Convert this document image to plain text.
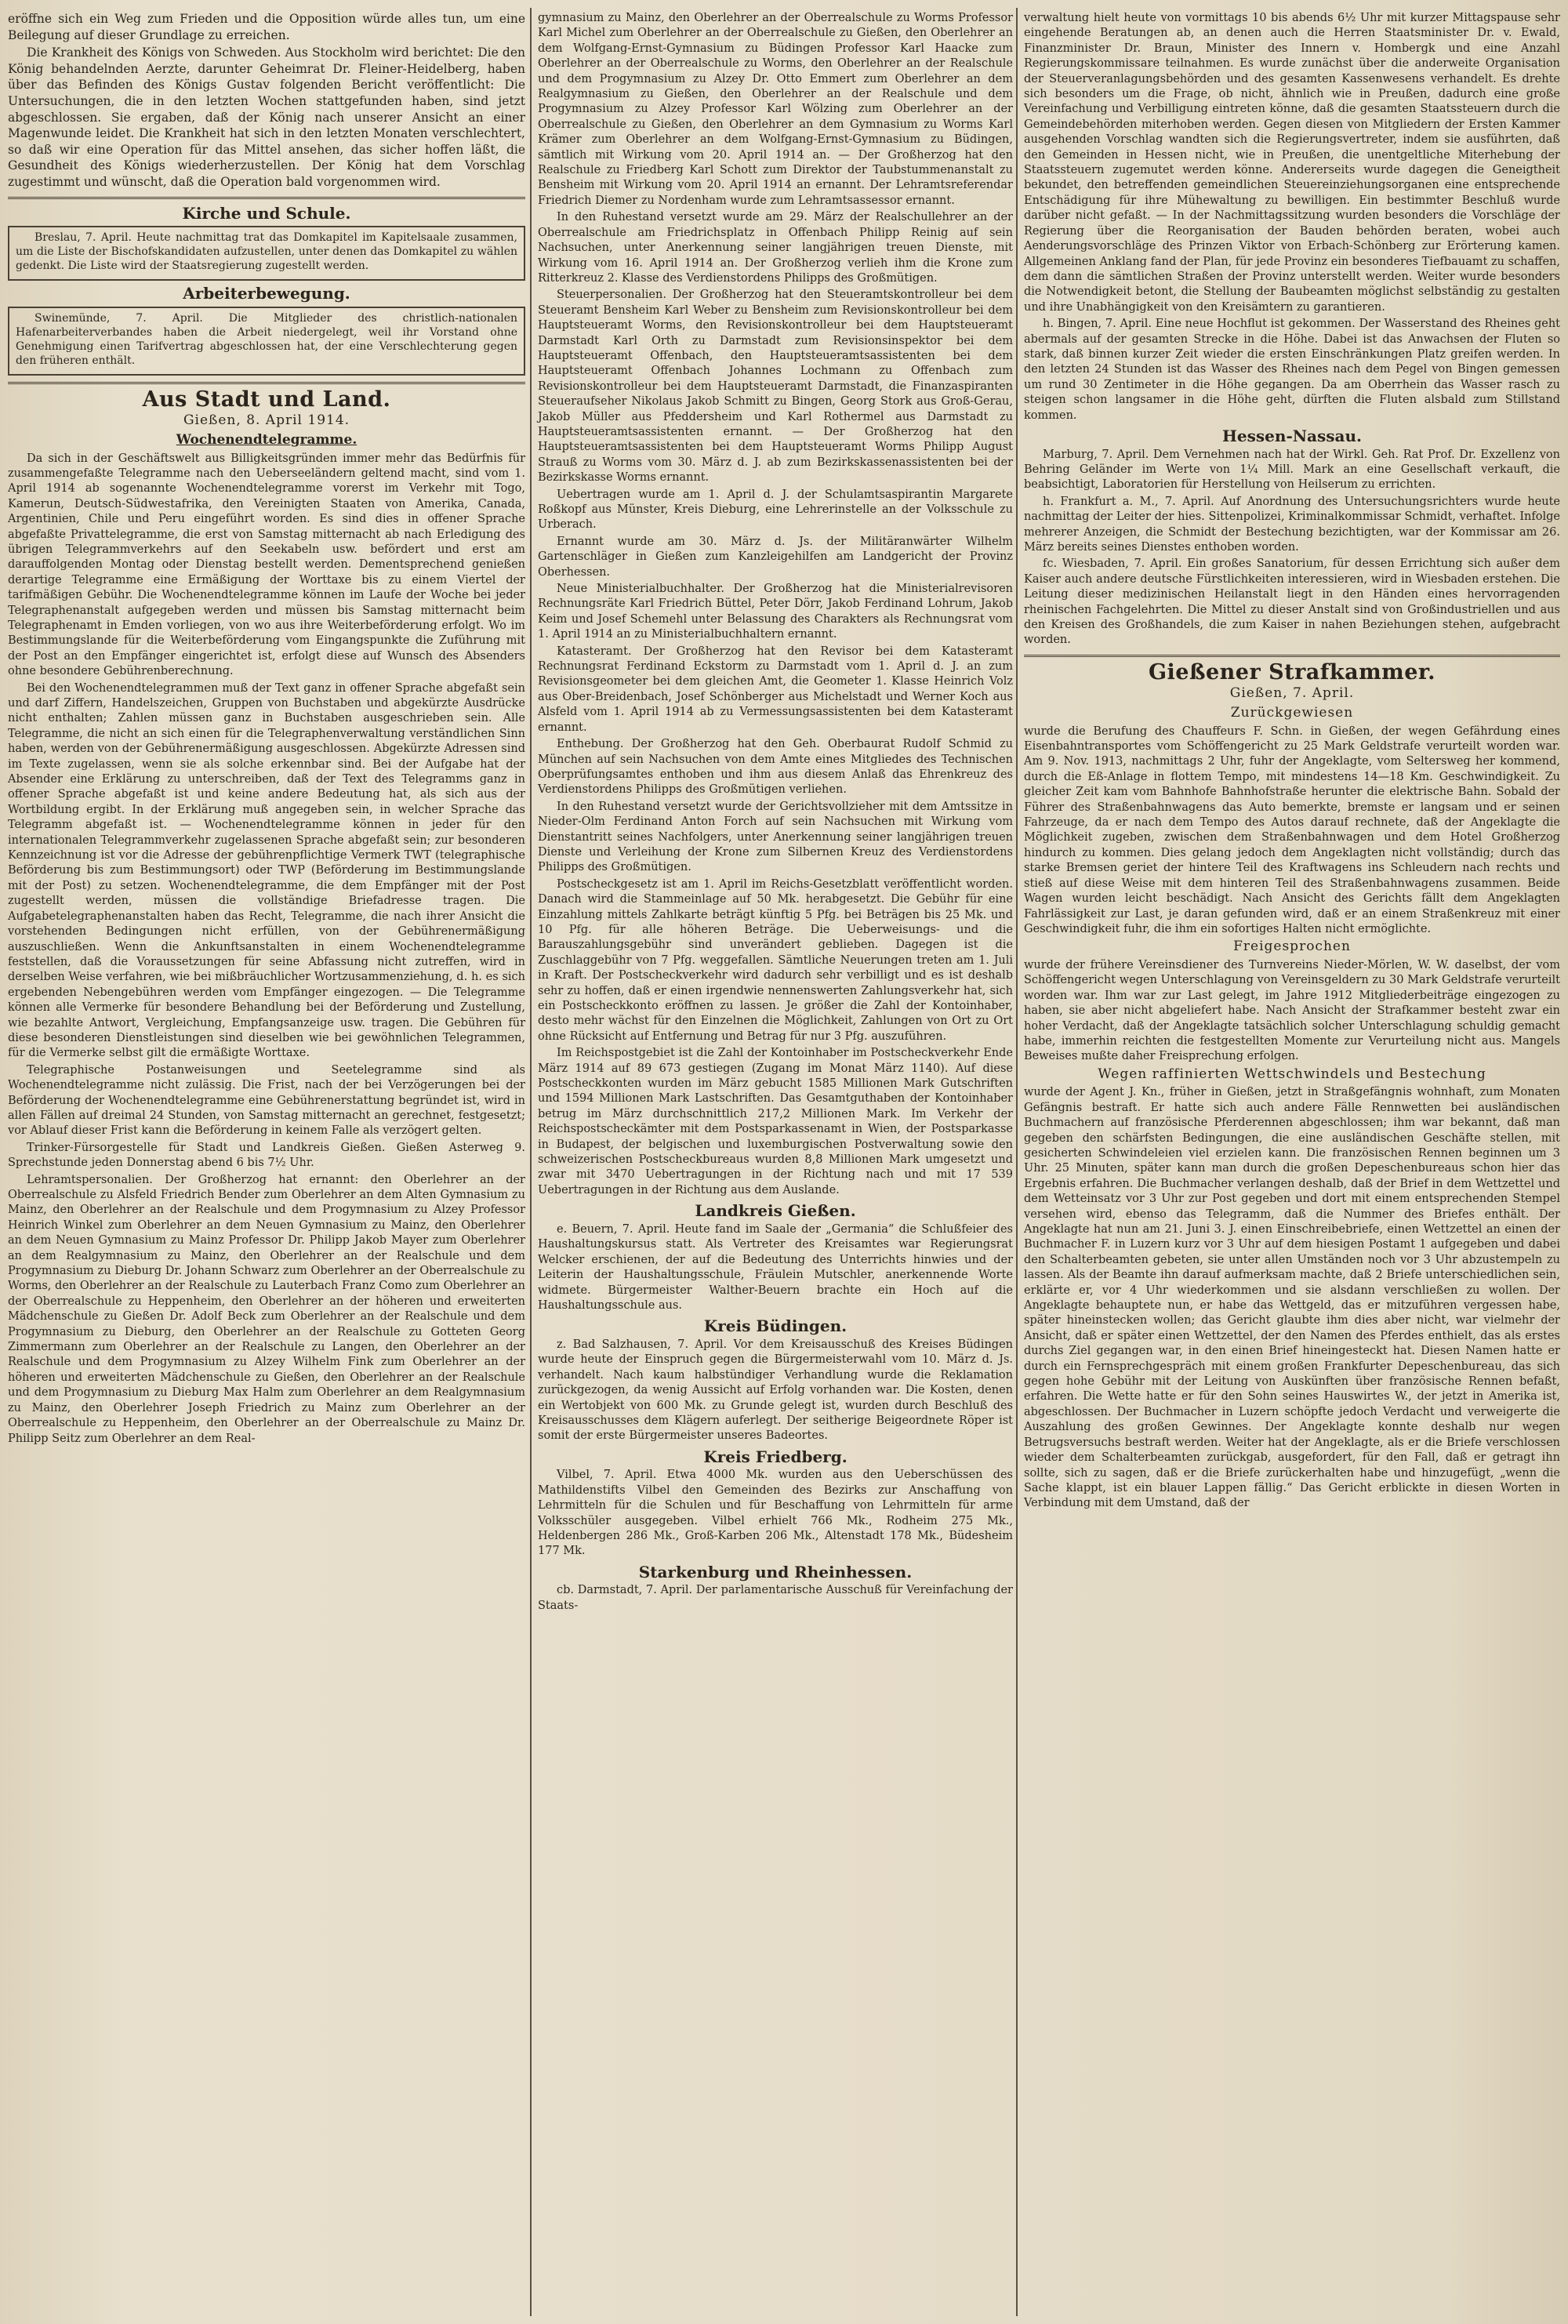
eröffne sich ein Weg zum Frieden und die Opposition würde alles tun, um eine Beilegung auf dieser Grundlage zu erreichen.

Die Krankheit des Königs von Schweden. Aus Stockholm wird berichtet: Die den König behandelnden Aerzte, darunter Geheimrat Dr. Fleiner-Heidelberg, haben über das Befinden des Königs Gustav folgenden Bericht veröffentlicht: Die Untersuchungen, die in den letzten Wochen stattgefunden haben, sind jetzt abgeschlossen. Sie ergaben, daß der König nach unserer Ansicht an einer Magenwunde leidet. Die Krankheit hat sich in den letzten Monaten verschlechtert, so daß wir eine Operation für das Mittel ansehen, das sicher hoffen läßt, die Gesundheit des Königs wiederherzustellen. Der König hat dem Vorschlag zugestimmt und wünscht, daß die Operation bald vorgenommen wird.

Kirche und Schule.

Breslau, 7. April. Heute nachmittag trat das Domkapitel im Kapitelsaale zusammen, um die Liste der Bischofskandidaten aufzustellen, unter denen das Domkapitel zu wählen gedenkt. Die Liste wird der Staatsregierung zugestellt werden.

Arbeiterbewegung.

Swinemünde, 7. April. Die Mitglieder des christlich-nationalen Hafenarbeiterverbandes haben die Arbeit niedergelegt, weil ihr Vorstand ohne Genehmigung einen Tarifvertrag abgeschlossen hat, der eine Verschlechterung gegen den früheren enthält.

Aus Stadt und Land.
Gießen, 8. April 1914.
Wochenendtelegramme.

Da sich in der Geschäftswelt aus Billigkeitsgründen immer mehr das Bedürfnis für zusammengefaßte Telegramme nach den Ueberseeländern geltend macht, sind vom 1. April 1914 ab sogenannte Wochenendtelegramme vorerst im Verkehr mit Togo, Kamerun, Deutsch-Südwestafrika, den Vereinigten Staaten von Amerika, Canada, Argentinien, Chile und Peru eingeführt worden. Es sind dies in offener Sprache abgefaßte Privattelegramme, die erst von Samstag mitternacht ab nach Erledigung des übrigen Telegrammverkehrs auf den Seekabeln usw. befördert und erst am darauffolgenden Montag oder Dienstag bestellt werden. Dementsprechend genießen derartige Telegramme eine Ermäßigung der Worttaxe bis zu einem Viertel der tarifmäßigen Gebühr. Die Wochenendtelegramme können im Laufe der Woche bei jeder Telegraphenanstalt aufgegeben werden und müssen bis Samstag mitternacht beim Telegraphenamt in Emden vorliegen, von wo aus ihre Weiterbeförderung erfolgt. Wo im Bestimmungslande für die Weiterbeförderung vom Eingangspunkte die Zuführung mit der Post an den Empfänger eingerichtet ist, erfolgt diese auf Wunsch des Absenders ohne besondere Gebührenberechnung.

Bei den Wochenendtelegrammen muß der Text ganz in offener Sprache abgefaßt sein und darf Ziffern, Handelszeichen, Gruppen von Buchstaben und abgekürzte Ausdrücke nicht enthalten; Zahlen müssen ganz in Buchstaben ausgeschrieben sein. Alle Telegramme, die nicht an sich einen für die Telegraphenverwaltung verständlichen Sinn haben, werden von der Gebührenermäßigung ausgeschlossen. Abgekürzte Adressen sind im Texte zugelassen, wenn sie als solche erkennbar sind. Bei der Aufgabe hat der Absender eine Erklärung zu unterschreiben, daß der Text des Telegramms ganz in offener Sprache abgefaßt ist und keine andere Bedeutung hat, als sich aus der Wortbildung ergibt. In der Erklärung muß angegeben sein, in welcher Sprache das Telegramm abgefaßt ist. — Wochenendtelegramme können in jeder für den internationalen Telegrammverkehr zugelassenen Sprache abgefaßt sein; zur besonderen Kennzeichnung ist vor die Adresse der gebührenpflichtige Vermerk TWT (telegraphische Beförderung bis zum Bestimmungsort) oder TWP (Beförderung im Bestimmungslande mit der Post) zu setzen. Wochenendtelegramme, die dem Empfänger mit der Post zugestellt werden, müssen die vollständige Briefadresse tragen. Die Aufgabetelegraphenanstalten haben das Recht, Telegramme, die nach ihrer Ansicht die vorstehenden Bedingungen nicht erfüllen, von der Gebührenermäßigung auszuschließen. Wenn die Ankunftsanstalten in einem Wochenendtelegramme feststellen, daß die Voraussetzungen für seine Abfassung nicht zutreffen, wird in derselben Weise verfahren, wie bei mißbräuchlicher Wortzusammenziehung, d. h. es sich ergebenden Nebengebühren werden vom Empfänger eingezogen. — Die Telegramme können alle Vermerke für besondere Behandlung bei der Beförderung und Zustellung, wie bezahlte Antwort, Vergleichung, Empfangsanzeige usw. tragen. Die Gebühren für diese besonderen Dienstleistungen sind dieselben wie bei gewöhnlichen Telegrammen, für die Vermerke selbst gilt die ermäßigte Worttaxe.

Telegraphische Postanweisungen und Seetelegramme sind als Wochenendtelegramme nicht zulässig. Die Frist, nach der bei Verzögerungen bei der Beförderung der Wochenendtelegramme eine Gebührenerstattung begründet ist, wird in allen Fällen auf dreimal 24 Stunden, von Samstag mitternacht an gerechnet, festgesetzt; vor Ablauf dieser Frist kann die Beförderung in keinem Falle als verzögert gelten.

Trinker-Fürsorgestelle für Stadt und Landkreis Gießen. Gießen Asterweg 9. Sprechstunde jeden Donnerstag abend 6 bis 7½ Uhr.

Lehramtspersonalien. Der Großherzog hat ernannt: den Oberlehrer an der Oberrealschule zu Alsfeld Friedrich Bender zum Oberlehrer an dem Alten Gymnasium zu Mainz, den Oberlehrer an der Realschule und dem Progymnasium zu Alzey Professor Heinrich Winkel zum Oberlehrer an dem Neuen Gymnasium zu Mainz, den Oberlehrer an dem Neuen Gymnasium zu Mainz Professor Dr. Philipp Jakob Mayer zum Oberlehrer an dem Realgymnasium zu Mainz, den Oberlehrer an der Realschule und dem Progymnasium zu Dieburg Dr. Johann Schwarz zum Oberlehrer an der Oberrealschule zu Worms, den Oberlehrer an der Realschule zu Lauterbach Franz Como zum Oberlehrer an der Oberrealschule zu Heppenheim, den Oberlehrer an der höheren und erweiterten Mädchenschule zu Gießen Dr. Adolf Beck zum Oberlehrer an der Realschule und dem Progymnasium zu Dieburg, den Oberlehrer an der Realschule zu Gotteten Georg Zimmermann zum Oberlehrer an der Realschule zu Langen, den Oberlehrer an der Realschule und dem Progymnasium zu Alzey Wilhelm Fink zum Oberlehrer an der höheren und erweiterten Mädchenschule zu Gießen, den Oberlehrer an der Realschule und dem Progymnasium zu Dieburg Max Halm zum Oberlehrer an dem Realgymnasium zu Mainz, den Oberlehrer Joseph Friedrich zu Mainz zum Oberlehrer an der Oberrealschule zu Heppenheim, den Oberlehrer an der Oberrealschule zu Mainz Dr. Philipp Seitz zum Oberlehrer an dem Real-

gymnasium zu Mainz, den Oberlehrer an der Oberrealschule zu Worms Professor Karl Michel zum Oberlehrer an der Oberrealschule zu Gießen, den Oberlehrer an dem Wolfgang-Ernst-Gymnasium zu Büdingen Professor Karl Haacke zum Oberlehrer an der Oberrealschule zu Worms, den Oberlehrer an der Realschule und dem Progymnasium zu Alzey Dr. Otto Emmert zum Oberlehrer an dem Realgymnasium zu Gießen, den Oberlehrer an der Realschule und dem Progymnasium zu Alzey Professor Karl Wölzing zum Oberlehrer an der Oberrealschule zu Gießen, den Oberlehrer an dem Gymnasium zu Worms Karl Krämer zum Oberlehrer an dem Wolfgang-Ernst-Gymnasium zu Büdingen, sämtlich mit Wirkung vom 20. April 1914 an. — Der Großherzog hat den Realschule zu Friedberg Karl Schott zum Direktor der Taubstummenanstalt zu Bensheim mit Wirkung vom 20. April 1914 an ernannt. Der Lehramtsreferendar Friedrich Diemer zu Nordenham wurde zum Lehramtsassessor ernannt.

In den Ruhestand versetzt wurde am 29. März der Realschullehrer an der Oberrealschule am Friedrichsplatz in Offenbach Philipp Reinig auf sein Nachsuchen, unter Anerkennung seiner langjährigen treuen Dienste, mit Wirkung vom 16. April 1914 an. Der Großherzog verlieh ihm die Krone zum Ritterkreuz 2. Klasse des Verdienstordens Philipps des Großmütigen.

Steuerpersonalien. Der Großherzog hat den Steueramtskontrolleur bei dem Steueramt Bensheim Karl Weber zu Bensheim zum Revisionskontrolleur bei dem Hauptsteueramt Worms, den Revisionskontrolleur bei dem Hauptsteueramt Darmstadt Karl Orth zu Darmstadt zum Revisionsinspektor bei dem Hauptsteueramt Offenbach, den Hauptsteueramtsassistenten bei dem Hauptsteueramt Offenbach Johannes Lochmann zu Offenbach zum Revisionskontrolleur bei dem Hauptsteueramt Darmstadt, die Finanzaspiranten Steueraufseher Nikolaus Jakob Schmitt zu Bingen, Georg Stork aus Groß-Gerau, Jakob Müller aus Pfeddersheim und Karl Rothermel aus Darmstadt zu Hauptsteueramtsassistenten ernannt. — Der Großherzog hat den Hauptsteueramtsassistenten bei dem Hauptsteueramt Worms Philipp August Strauß zu Worms vom 30. März d. J. ab zum Bezirkskassenassistenten bei der Bezirkskasse Worms ernannt.

Uebertragen wurde am 1. April d. J. der Schulamtsaspirantin Margarete Roßkopf aus Münster, Kreis Dieburg, eine Lehrerinstelle an der Volksschule zu Urberach.

Ernannt wurde am 30. März d. Js. der Militäranwärter Wilhelm Gartenschläger in Gießen zum Kanzleigehilfen am Landgericht der Provinz Oberhessen.

Neue Ministerialbuchhalter. Der Großherzog hat die Ministerialrevisoren Rechnungsräte Karl Friedrich Büttel, Peter Dörr, Jakob Ferdinand Lohrum, Jakob Keim und Josef Schemehl unter Belassung des Charakters als Rechnungsrat vom 1. April 1914 an zu Ministerialbuchhaltern ernannt.

Katasteramt. Der Großherzog hat den Revisor bei dem Katasteramt Rechnungsrat Ferdinand Eckstorm zu Darmstadt vom 1. April d. J. an zum Revisionsgeometer bei dem gleichen Amt, die Geometer 1. Klasse Heinrich Volz aus Ober-Breidenbach, Josef Schönberger aus Michelstadt und Werner Koch aus Alsfeld vom 1. April 1914 ab zu Vermessungsassistenten bei dem Katasteramt ernannt.

Enthebung. Der Großherzog hat den Geh. Oberbaurat Rudolf Schmid zu München auf sein Nachsuchen von dem Amte eines Mitgliedes des Technischen Oberprüfungsamtes enthoben und ihm aus diesem Anlaß das Ehrenkreuz des Verdienstordens Philipps des Großmütigen verliehen.

In den Ruhestand versetzt wurde der Gerichtsvollzieher mit dem Amtssitze in Nieder-Olm Ferdinand Anton Forch auf sein Nachsuchen mit Wirkung vom Dienstantritt seines Nachfolgers, unter Anerkennung seiner langjährigen treuen Dienste und Verleihung der Krone zum Silbernen Kreuz des Verdienstordens Philipps des Großmütigen.

Postscheckgesetz ist am 1. April im Reichs-Gesetzblatt veröffentlicht worden. Danach wird die Stammeinlage auf 50 Mk. herabgesetzt. Die Gebühr für eine Einzahlung mittels Zahlkarte beträgt künftig 5 Pfg. bei Beträgen bis 25 Mk. und 10 Pfg. für alle höheren Beträge. Die Ueberweisungs- und die Barauszahlungsgebühr sind unverändert geblieben. Dagegen ist die Zuschlaggebühr von 7 Pfg. weggefallen. Sämtliche Neuerungen treten am 1. Juli in Kraft. Der Postscheckverkehr wird dadurch sehr verbilligt und es ist deshalb sehr zu hoffen, daß er einen irgendwie nennenswerten Zahlungsverkehr hat, sich ein Postscheckkonto eröffnen zu lassen. Je größer die Zahl der Kontoinhaber, desto mehr wächst für den Einzelnen die Möglichkeit, Zahlungen von Ort zu Ort ohne Rücksicht auf Entfernung und Betrag für nur 3 Pfg. auszuführen.

Im Reichspostgebiet ist die Zahl der Kontoinhaber im Postscheckverkehr Ende März 1914 auf 89 673 gestiegen (Zugang im Monat März 1140). Auf diese Postscheckkonten wurden im März gebucht 1585 Millionen Mark Gutschriften und 1594 Millionen Mark Lastschriften. Das Gesamtguthaben der Kontoinhaber betrug im März durchschnittlich 217,2 Millionen Mark. Im Verkehr der Reichspostscheckämter mit dem Postsparkassenamt in Wien, der Postsparkasse in Budapest, der belgischen und luxemburgischen Postverwaltung sowie den schweizerischen Postscheckbureaus wurden 8,8 Millionen Mark umgesetzt und zwar mit 3470 Uebertragungen in der Richtung nach und mit 17 539 Uebertragungen in der Richtung aus dem Auslande.

Landkreis Gießen.

e. Beuern, 7. April. Heute fand im Saale der „Germania“ die Schlußfeier des Haushaltungskursus statt. Als Vertreter des Kreisamtes war Regierungsrat Welcker erschienen, der auf die Bedeutung des Unterrichts hinwies und der Leiterin der Haushaltungsschule, Fräulein Mutschler, anerkennende Worte widmete. Bürgermeister Walther-Beuern brachte ein Hoch auf die Haushaltungsschule aus.

Kreis Büdingen.

z. Bad Salzhausen, 7. April. Vor dem Kreisausschuß des Kreises Büdingen wurde heute der Einspruch gegen die Bürgermeisterwahl vom 10. März d. Js. verhandelt. Nach kaum halbstündiger Verhandlung wurde die Reklamation zurückgezogen, da wenig Aussicht auf Erfolg vorhanden war. Die Kosten, denen ein Wertobjekt von 600 Mk. zu Grunde gelegt ist, wurden durch Beschluß des Kreisausschusses dem Klägern auferlegt. Der seitherige Beigeordnete Röper ist somit der erste Bürgermeister unseres Badeortes.

Kreis Friedberg.

Vilbel, 7. April. Etwa 4000 Mk. wurden aus den Ueberschüssen des Mathildenstifts Vilbel den Gemeinden des Bezirks zur Anschaffung von Lehrmitteln für die Schulen und für Beschaffung von Lehrmitteln für arme Volksschüler ausgegeben. Vilbel erhielt 766 Mk., Rodheim 275 Mk., Heldenbergen 286 Mk., Groß-Karben 206 Mk., Altenstadt 178 Mk., Büdesheim 177 Mk.

Starkenburg und Rheinhessen.

cb. Darmstadt, 7. April. Der parlamentarische Ausschuß für Vereinfachung der Staats-

verwaltung hielt heute von vormittags 10 bis abends 6½ Uhr mit kurzer Mittagspause sehr eingehende Beratungen ab, an denen auch die Herren Staatsminister Dr. v. Ewald, Finanzminister Dr. Braun, Minister des Innern v. Hombergk und eine Anzahl Regierungskommissare teilnahmen. Es wurde zunächst über die anderweite Organisation der Steuerveranlagungsbehörden und des gesamten Kassenwesens verhandelt. Es drehte sich besonders um die Frage, ob nicht, ähnlich wie in Preußen, dadurch eine große Vereinfachung und Verbilligung eintreten könne, daß die gesamten Staatssteuern durch die Gemeindebehörden miterhoben werden. Gegen diesen von Mitgliedern der Ersten Kammer ausgehenden Vorschlag wandten sich die Regierungsvertreter, indem sie ausführten, daß den Gemeinden in Hessen nicht, wie in Preußen, die unentgeltliche Miterhebung der Staatssteuern zugemutet werden könne. Andererseits wurde dagegen die Geneigtheit bekundet, den betreffenden gemeindlichen Steuereinziehungsorganen eine entsprechende Entschädigung für ihre Mühewaltung zu bewilligen. Ein bestimmter Beschluß wurde darüber nicht gefaßt. — In der Nachmittagssitzung wurden besonders die Vorschläge der Regierung über die Reorganisation der Bauden behörden beraten, wobei auch Aenderungsvorschläge des Prinzen Viktor von Erbach-Schönberg zur Erörterung kamen. Allgemeinen Anklang fand der Plan, für jede Provinz ein besonderes Tiefbauamt zu schaffen, dem dann die sämtlichen Straßen der Provinz unterstellt werden. Weiter wurde besonders die Notwendigkeit betont, die Stellung der Baubeamten möglichst selbständig zu gestalten und ihre Unabhängigkeit von den Kreisämtern zu garantieren.

h. Bingen, 7. April. Eine neue Hochflut ist gekommen. Der Wasserstand des Rheines geht abermals auf der gesamten Strecke in die Höhe. Dabei ist das Anwachsen der Fluten so stark, daß binnen kurzer Zeit wieder die ersten Einschränkungen Platz greifen werden. In den letzten 24 Stunden ist das Wasser des Rheines nach dem Pegel von Bingen gemessen um rund 30 Zentimeter in die Höhe gegangen. Da am Oberrhein das Wasser rasch zu steigen schon langsamer in die Höhe geht, dürften die Fluten alsbald zum Stillstand kommen.

Hessen-Nassau.

Marburg, 7. April. Dem Vernehmen nach hat der Wirkl. Geh. Rat Prof. Dr. Exzellenz von Behring Geländer im Werte von 1¼ Mill. Mark an eine Gesellschaft verkauft, die beabsichtigt, Laboratorien für Herstellung von Heilserum zu errichten.

h. Frankfurt a. M., 7. April. Auf Anordnung des Untersuchungsrichters wurde heute nachmittag der Leiter der hies. Sittenpolizei, Kriminalkommissar Schmidt, verhaftet. Infolge mehrerer Anzeigen, die Schmidt der Bestechung bezichtigten, war der Kommissar am 26. März bereits seines Dienstes enthoben worden.

fc. Wiesbaden, 7. April. Ein großes Sanatorium, für dessen Errichtung sich außer dem Kaiser auch andere deutsche Fürstlichkeiten interessieren, wird in Wiesbaden erstehen. Die Leitung dieser medizinischen Heilanstalt liegt in den Händen eines hervorragenden rheinischen Fachgelehrten. Die Mittel zu dieser Anstalt sind von Großindustriellen und aus den Kreisen des Großhandels, die zum Kaiser in nahen Beziehungen stehen, aufgebracht worden.

Gießener Strafkammer.
Gießen, 7. April.
Zurückgewiesen

wurde die Berufung des Chauffeurs F. Schn. in Gießen, der wegen Gefährdung eines Eisenbahntransportes vom Schöffengericht zu 25 Mark Geldstrafe verurteilt worden war. Am 9. Nov. 1913, nachmittags 2 Uhr, fuhr der Angeklagte, vom Seltersweg her kommend, durch die Eß-Anlage in flottem Tempo, mit mindestens 14—18 Km. Geschwindigkeit. Zu gleicher Zeit kam vom Bahnhofe Bahnhofstraße herunter die elektrische Bahn. Sobald der Führer des Straßenbahnwagens das Auto bemerkte, bremste er langsam und er seinen Fahrzeuge, da er nach dem Tempo des Autos darauf rechnete, daß der Angeklagte die Möglichkeit zugeben, zwischen dem Straßenbahnwagen und dem Hotel Großherzog hindurch zu kommen. Dies gelang jedoch dem Angeklagten nicht vollständig; durch das starke Bremsen geriet der hintere Teil des Kraftwagens ins Schleudern nach rechts und stieß auf diese Weise mit dem hinteren Teil des Straßenbahnwagens zusammen. Beide Wagen wurden leicht beschädigt. Nach Ansicht des Gerichts fällt dem Angeklagten Fahrlässigkeit zur Last, je daran gefunden wird, daß er an einem Straßenkreuz mit einer Geschwindigkeit fuhr, die ihm ein sofortiges Halten nicht ermöglichte.

Freigesprochen

wurde der frühere Vereinsdiener des Turnvereins Nieder-Mörlen, W. W. daselbst, der vom Schöffengericht wegen Unterschlagung von Vereinsgeldern zu 30 Mark Geldstrafe verurteilt worden war. Ihm war zur Last gelegt, im Jahre 1912 Mitgliederbeiträge eingezogen zu haben, sie aber nicht abgeliefert habe. Nach Ansicht der Strafkammer besteht zwar ein hoher Verdacht, daß der Angeklagte tatsächlich solcher Unterschlagung schuldig gemacht habe, immerhin reichten die festgestellten Momente zur Verurteilung nicht aus. Mangels Beweises mußte daher Freisprechung erfolgen.

Wegen raffinierten Wettschwindels und Bestechung

wurde der Agent J. Kn., früher in Gießen, jetzt in Straßgefängnis wohnhaft, zum Monaten Gefängnis bestraft. Er hatte sich auch andere Fälle Rennwetten bei ausländischen Buchmachern auf französische Pferderennen abgeschlossen; ihm war bekannt, daß man gegeben den schärfsten Bedingungen, die eine ausländischen Geschäfte stellen, mit gesicherten Schwindeleien viel erzielen kann. Die französischen Rennen beginnen um 3 Uhr. 25 Minuten, später kann man durch die großen Depeschenbureaus schon hier das Ergebnis erfahren. Die Buchmacher verlangen deshalb, daß der Brief in dem Wettzettel und dem Wetteinsatz vor 3 Uhr zur Post gegeben und dort mit einem entsprechenden Stempel versehen wird, ebenso das Telegramm, daß die Nummer des Briefes enthält. Der Angeklagte hat nun am 21. Juni 3. J. einen Einschreibebriefe, einen Wettzettel an einen der Buchmacher F. in Luzern kurz vor 3 Uhr auf dem hiesigen Postamt 1 aufgegeben und dabei den Schalterbeamten gebeten, sie unter allen Umständen noch vor 3 Uhr abzustempeln zu lassen. Als der Beamte ihn darauf aufmerksam machte, daß 2 Briefe unterschiedlichen sein, erklärte er, vor 4 Uhr wiederkommen und sie alsdann verschließen zu wollen. Der Angeklagte behauptete nun, er habe das Wettgeld, das er mitzuführen vergessen habe, später hineinstecken wollen; das Gericht glaubte ihm dies aber nicht, war vielmehr der Ansicht, daß er später einen Wettzettel, der den Namen des Pferdes enthielt, das als erstes durchs Ziel gegangen war, in den einen Brief hineingesteckt hat. Diesen Namen hatte er durch ein Fernsprechgespräch mit einem großen Frankfurter Depeschenbureau, das sich gegen hohe Gebühr mit der Leitung von Auskünften über französische Rennen befaßt, erfahren. Die Wette hatte er für den Sohn seines Hauswirtes W., der jetzt in Amerika ist, abgeschlossen. Der Buchmacher in Luzern schöpfte jedoch Verdacht und verweigerte die Auszahlung des großen Gewinnes. Der Angeklagte konnte deshalb nur wegen Betrugsversuchs bestraft werden. Weiter hat der Angeklagte, als er die Briefe verschlossen wieder dem Schalterbeamten zurückgab, ausgefordert, für den Fall, daß er getragt ihn sollte, sich zu sagen, daß er die Briefe zurückerhalten habe und hinzugefügt, „wenn die Sache klappt, ist ein blauer Lappen fällig.“ Das Gericht erblickte in diesen Worten in Verbindung mit dem Umstand, daß der
